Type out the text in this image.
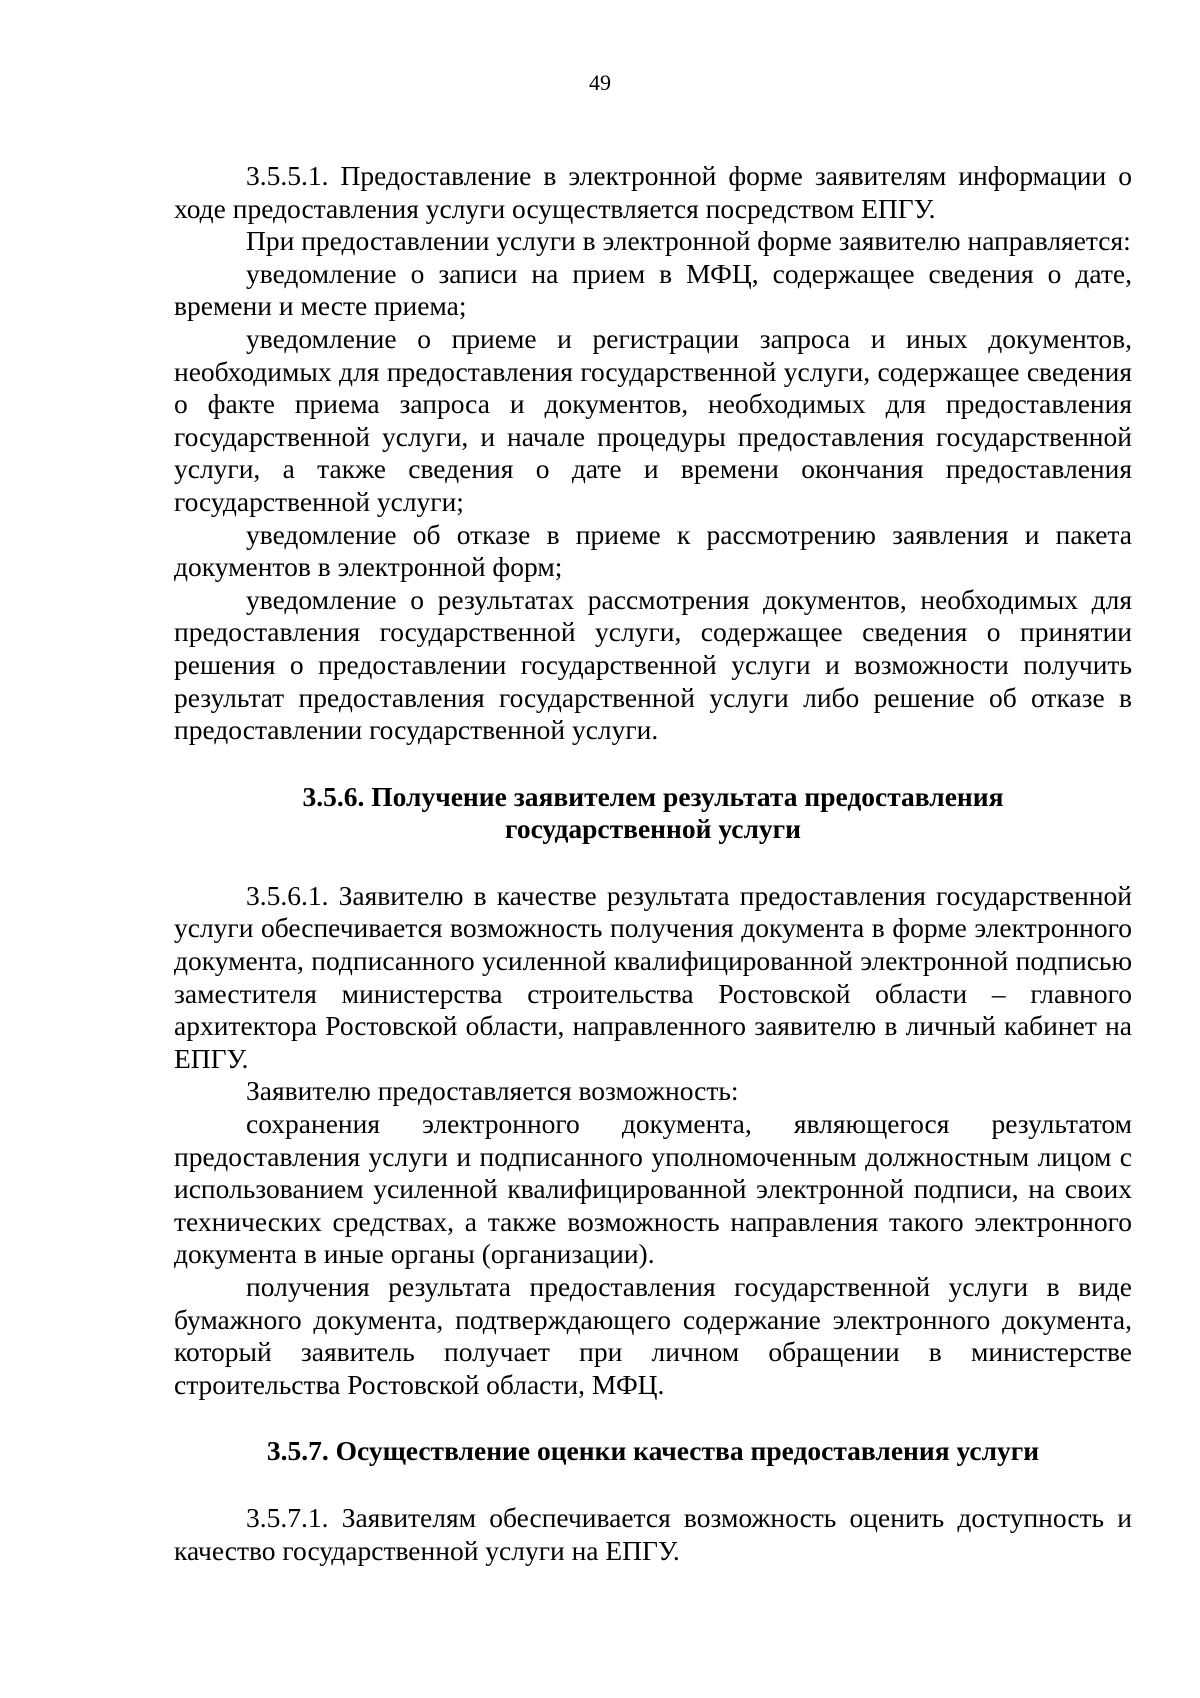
49

3.5.5.1. Предоставление в электронной форме заявителям информации о ходе предоставления услуги осуществляется посредством ЕПГУ.

При предоставлении услуги в электронной форме заявителю направляется:

уведомление о записи на прием в МФЦ, содержащее сведения о дате, времени и месте приема;

уведомление о приеме и регистрации запроса и иных документов, необходимых для предоставления государственной услуги, содержащее сведения о факте приема запроса и документов, необходимых для предоставления государственной услуги, и начале процедуры предоставления государственной услуги, а также сведения о дате и времени окончания предоставления государственной услуги;

уведомление об отказе в приеме к рассмотрению заявления и пакета документов в электронной форм;

уведомление о результатах рассмотрения документов, необходимых для предоставления государственной услуги, содержащее сведения о принятии решения о предоставлении государственной услуги и возможности получить результат предоставления государственной услуги либо решение об отказе в предоставлении государственной услуги.

3.5.6. Получение заявителем результата предоставления государственной услуги

3.5.6.1. Заявителю в качестве результата предоставления государственной услуги обеспечивается возможность получения документа в форме электронного документа, подписанного усиленной квалифицированной электронной подписью заместителя министерства строительства Ростовской области – главного архитектора Ростовской области, направленного заявителю в личный кабинет на ЕПГУ.

Заявителю предоставляется возможность:

сохранения электронного документа, являющегося результатом предоставления услуги и подписанного уполномоченным должностным лицом с использованием усиленной квалифицированной электронной подписи, на своих технических средствах, а также возможность направления такого электронного документа в иные органы (организации).

получения результата предоставления государственной услуги в виде бумажного документа, подтверждающего содержание электронного документа, который заявитель получает при личном обращении в министерстве строительства Ростовской области, МФЦ.

3.5.7. Осуществление оценки качества предоставления услуги

3.5.7.1. Заявителям обеспечивается возможность оценить доступность и качество государственной услуги на ЕПГУ.
